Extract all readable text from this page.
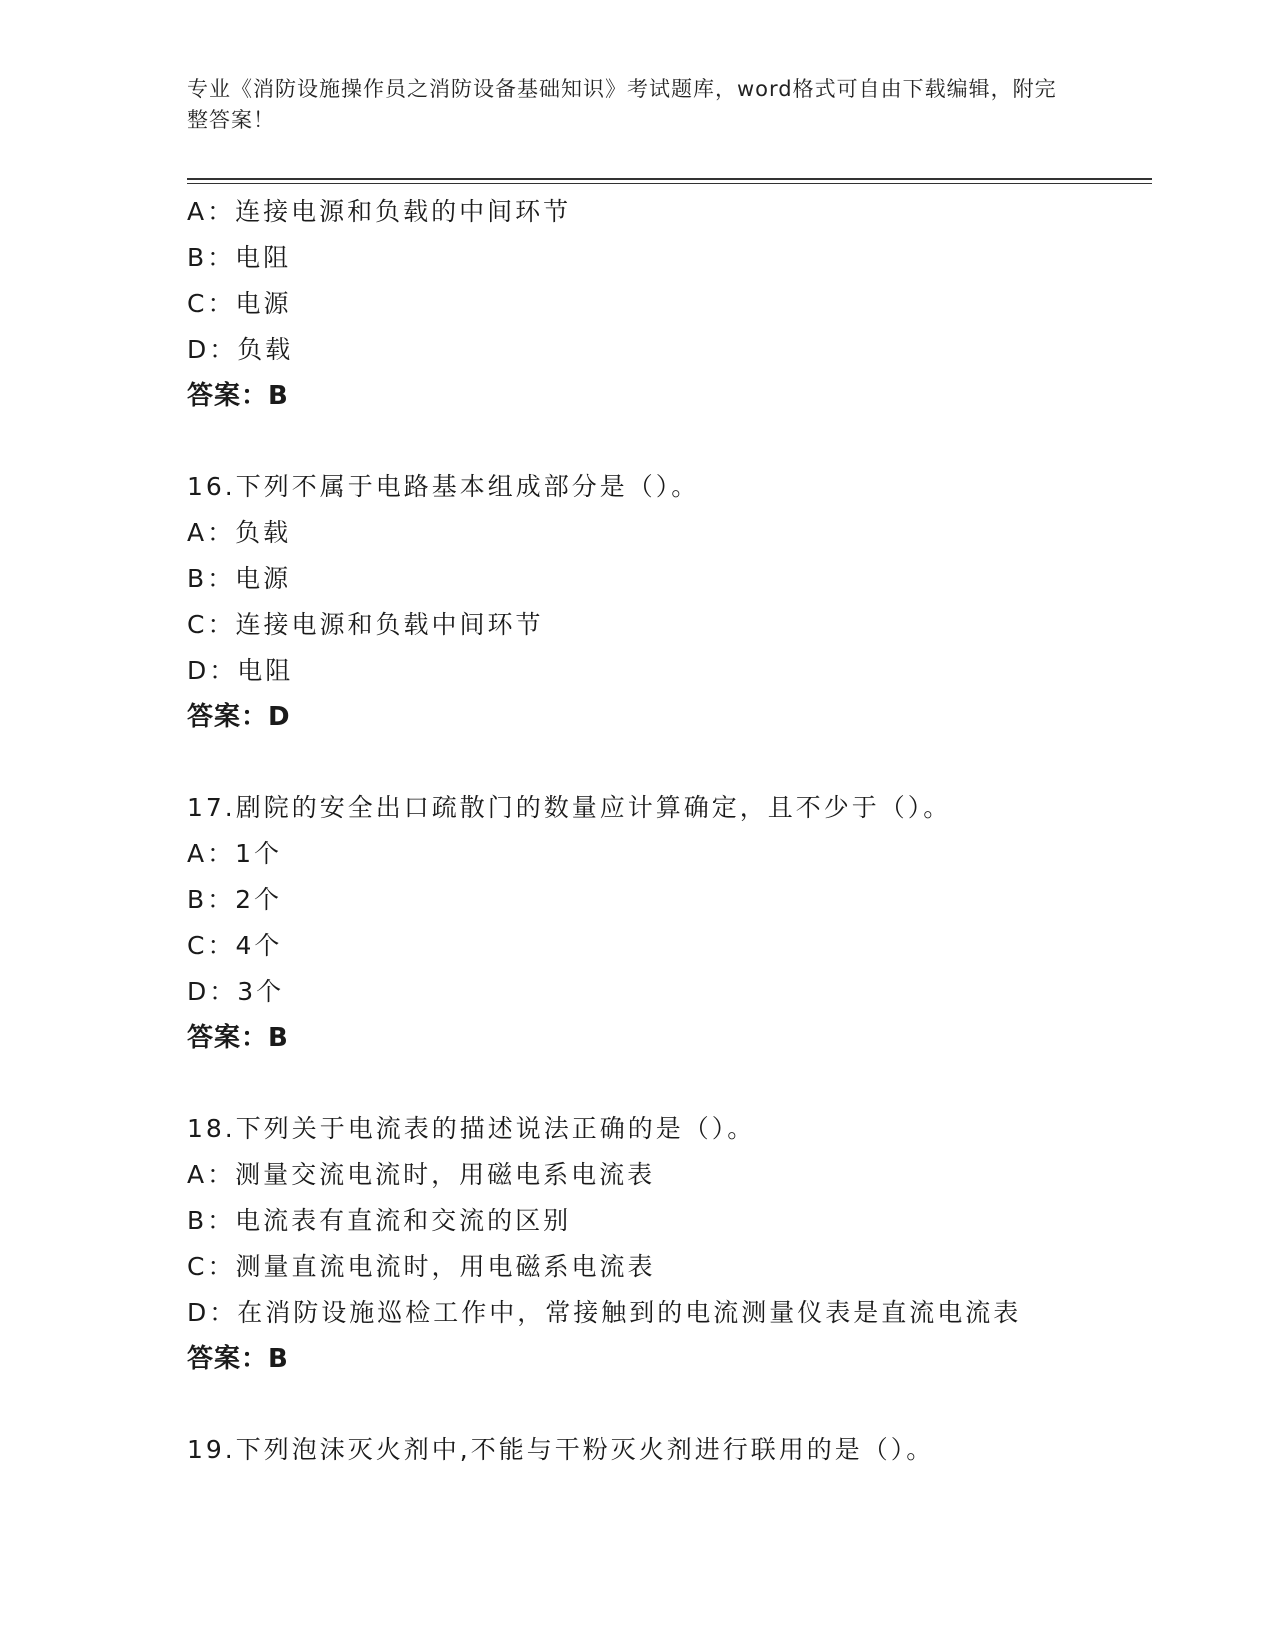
专业《消防设施操作员之消防设备基础知识》考试题库，word格式可自由下载编辑，附完整答案！
A：连接电源和负载的中间环节
B：电阻
C：电源
D：负载
答案：B
16.下列不属于电路基本组成部分是（）。
A：负载
B：电源
C：连接电源和负载中间环节
D：电阻
答案：D
17.剧院的安全出口疏散门的数量应计算确定，且不少于（）。
A：1个
B：2个
C：4个
D：3个
答案：B
18.下列关于电流表的描述说法正确的是（）。
A：测量交流电流时，用磁电系电流表
B：电流表有直流和交流的区别
C：测量直流电流时，用电磁系电流表
D：在消防设施巡检工作中，常接触到的电流测量仪表是直流电流表
答案：B
19.下列泡沫灭火剂中,不能与干粉灭火剂进行联用的是（）。
